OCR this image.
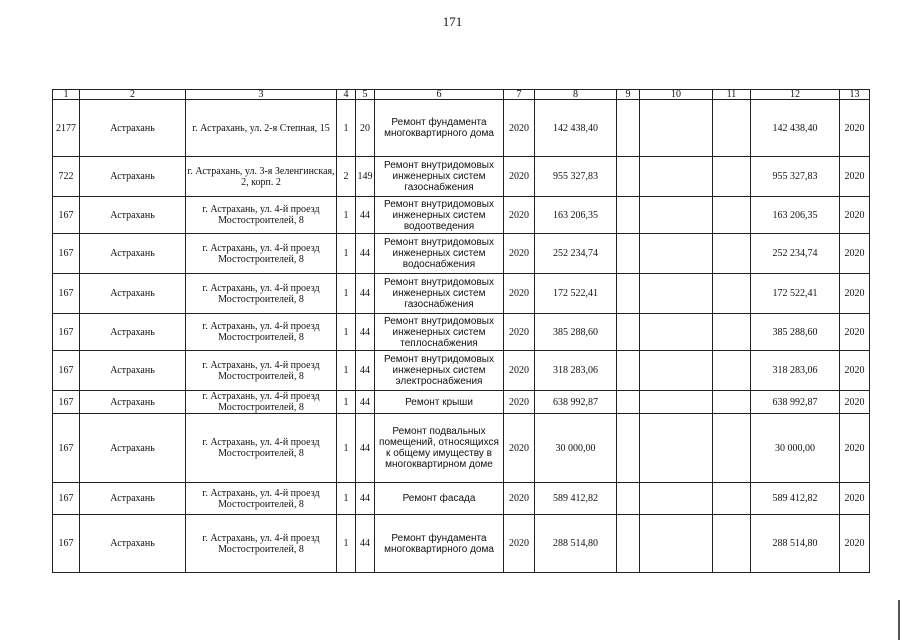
171
1	2	3	4	5	6	7	8	9	10	11	12	13
2177	Астрахань	г. Астрахань, ул. 2-я Степная, 15	1	20	Ремонт фундамента многоквартирного дома	2020	142 438,40				142 438,40	2020
722	Астрахань	г. Астрахань, ул. 3-я Зеленгинская, 2, корп. 2	2	149	Ремонт внутридомовых инженерных систем газоснабжения	2020	955 327,83				955 327,83	2020
167	Астрахань	г. Астрахань, ул. 4-й проезд Мостостроителей, 8	1	44	Ремонт внутридомовых инженерных систем водоотведения	2020	163 206,35				163 206,35	2020
167	Астрахань	г. Астрахань, ул. 4-й проезд Мостостроителей, 8	1	44	Ремонт внутридомовых инженерных систем водоснабжения	2020	252 234,74				252 234,74	2020
167	Астрахань	г. Астрахань, ул. 4-й проезд Мостостроителей, 8	1	44	Ремонт внутридомовых инженерных систем газоснабжения	2020	172 522,41				172 522,41	2020
167	Астрахань	г. Астрахань, ул. 4-й проезд Мостостроителей, 8	1	44	Ремонт внутридомовых инженерных систем теплоснабжения	2020	385 288,60				385 288,60	2020
167	Астрахань	г. Астрахань, ул. 4-й проезд Мостостроителей, 8	1	44	Ремонт внутридомовых инженерных систем электроснабжения	2020	318 283,06				318 283,06	2020
167	Астрахань	г. Астрахань, ул. 4-й проезд Мостостроителей, 8	1	44	Ремонт крыши	2020	638 992,87				638 992,87	2020
167	Астрахань	г. Астрахань, ул. 4-й проезд Мостостроителей, 8	1	44	Ремонт подвальных помещений, относящихся к общему имуществу в многоквартирном доме	2020	30 000,00				30 000,00	2020
167	Астрахань	г. Астрахань, ул. 4-й проезд Мостостроителей, 8	1	44	Ремонт фасада	2020	589 412,82				589 412,82	2020
167	Астрахань	г. Астрахань, ул. 4-й проезд Мостостроителей, 8	1	44	Ремонт фундамента многоквартирного дома	2020	288 514,80				288 514,80	2020
